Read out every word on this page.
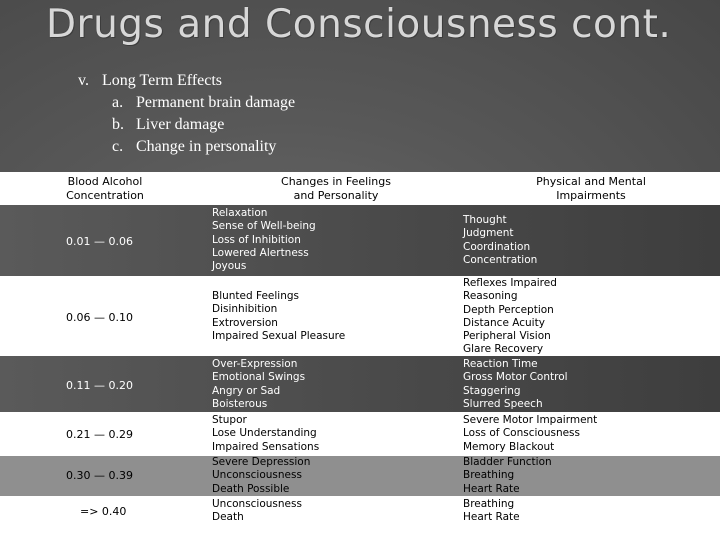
Drugs and Consciousness cont.
v. Long Term Effects
a. Permanent brain damage
b. Liver damage
c. Change in personality
Blood Alcohol
Concentration
Changes in Feelings
and Personality
Physical and Mental
Impairments
0.01 — 0.06
Relaxation
Sense of Well-being
Loss of Inhibition
Lowered Alertness
Joyous
Thought
Judgment
Coordination
Concentration
0.06 — 0.10
Blunted Feelings
Disinhibition
Extroversion
Impaired Sexual Pleasure
Reflexes Impaired
Reasoning
Depth Perception
Distance Acuity
Peripheral Vision
Glare Recovery
0.11 — 0.20
Over-Expression
Emotional Swings
Angry or Sad
Boisterous
Reaction Time
Gross Motor Control
Staggering
Slurred Speech
0.21 — 0.29
Stupor
Lose Understanding
Impaired Sensations
Severe Motor Impairment
Loss of Consciousness
Memory Blackout
0.30 — 0.39
Severe Depression
Unconsciousness
Death Possible
Bladder Function
Breathing
Heart Rate
=> 0.40
Unconsciousness
Death
Breathing
Heart Rate
